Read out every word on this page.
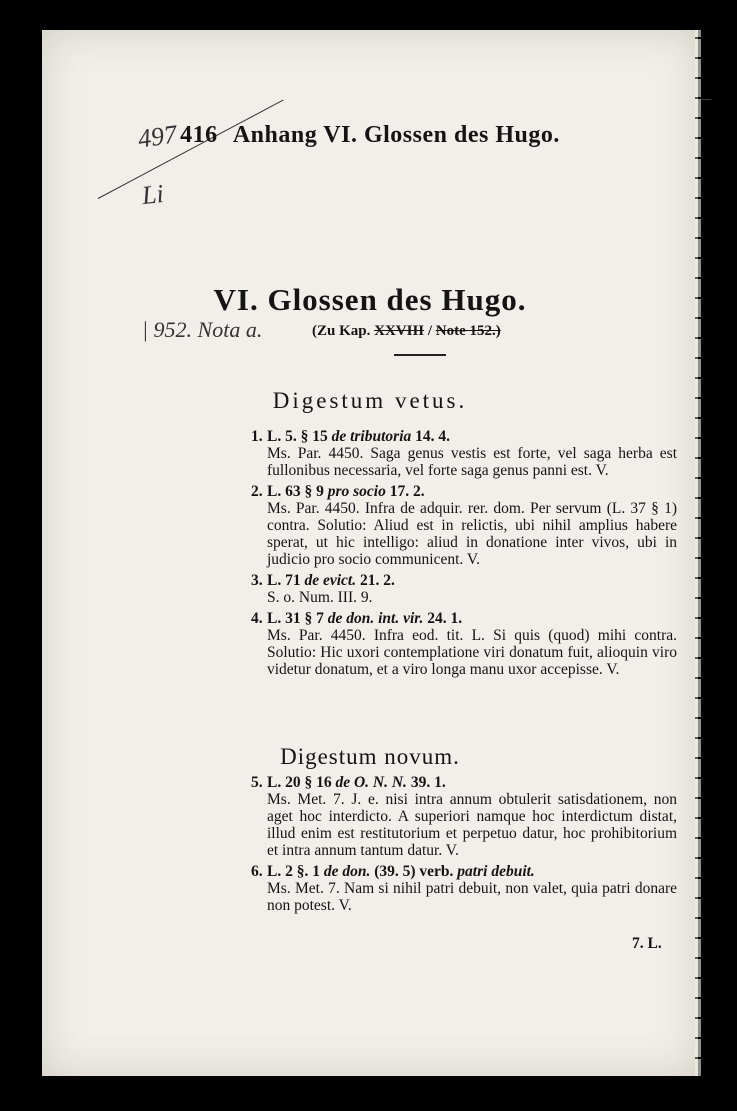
497
Li
| 952. Nota a.
–
416 Anhang VI. Glossen des Hugo.
VI. Glossen des Hugo.
(Zu Kap. XXVIII / Note 152.)
Digestum vetus.
1. L. 5. § 15 de tributoria 14. 4.
Ms. Par. 4450. Saga genus vestis est forte, vel saga herba est fullonibus necessaria, vel forte saga genus panni est. V.
2. L. 63 § 9 pro socio 17. 2.
Ms. Par. 4450. Infra de adquir. rer. dom. Per servum (L. 37 § 1) contra. Solutio: Aliud est in relictis, ubi nihil amplius habere sperat, ut hic intelligo: aliud in donatione inter vivos, ubi in judicio pro socio communicent. V.
3. L. 71 de evict. 21. 2.
S. o. Num. III. 9.
4. L. 31 § 7 de don. int. vir. 24. 1.
Ms. Par. 4450. Infra eod. tit. L. Si quis (quod) mihi contra. Solutio: Hic uxori contemplatione viri donatum fuit, alioquin viro videtur donatum, et a viro longa manu uxor accepisse. V.
Digestum novum.
5. L. 20 § 16 de O. N. N. 39. 1.
Ms. Met. 7. J. e. nisi intra annum obtulerit satisdationem, non aget hoc interdicto. A superiori namque hoc interdictum distat, illud enim est restitutorium et perpetuo datur, hoc prohibitorium et intra annum tantum datur. V.
6. L. 2 §. 1 de don. (39. 5) verb. patri debuit.
Ms. Met. 7. Nam si nihil patri debuit, non valet, quia patri donare non potest. V.
7. L.
